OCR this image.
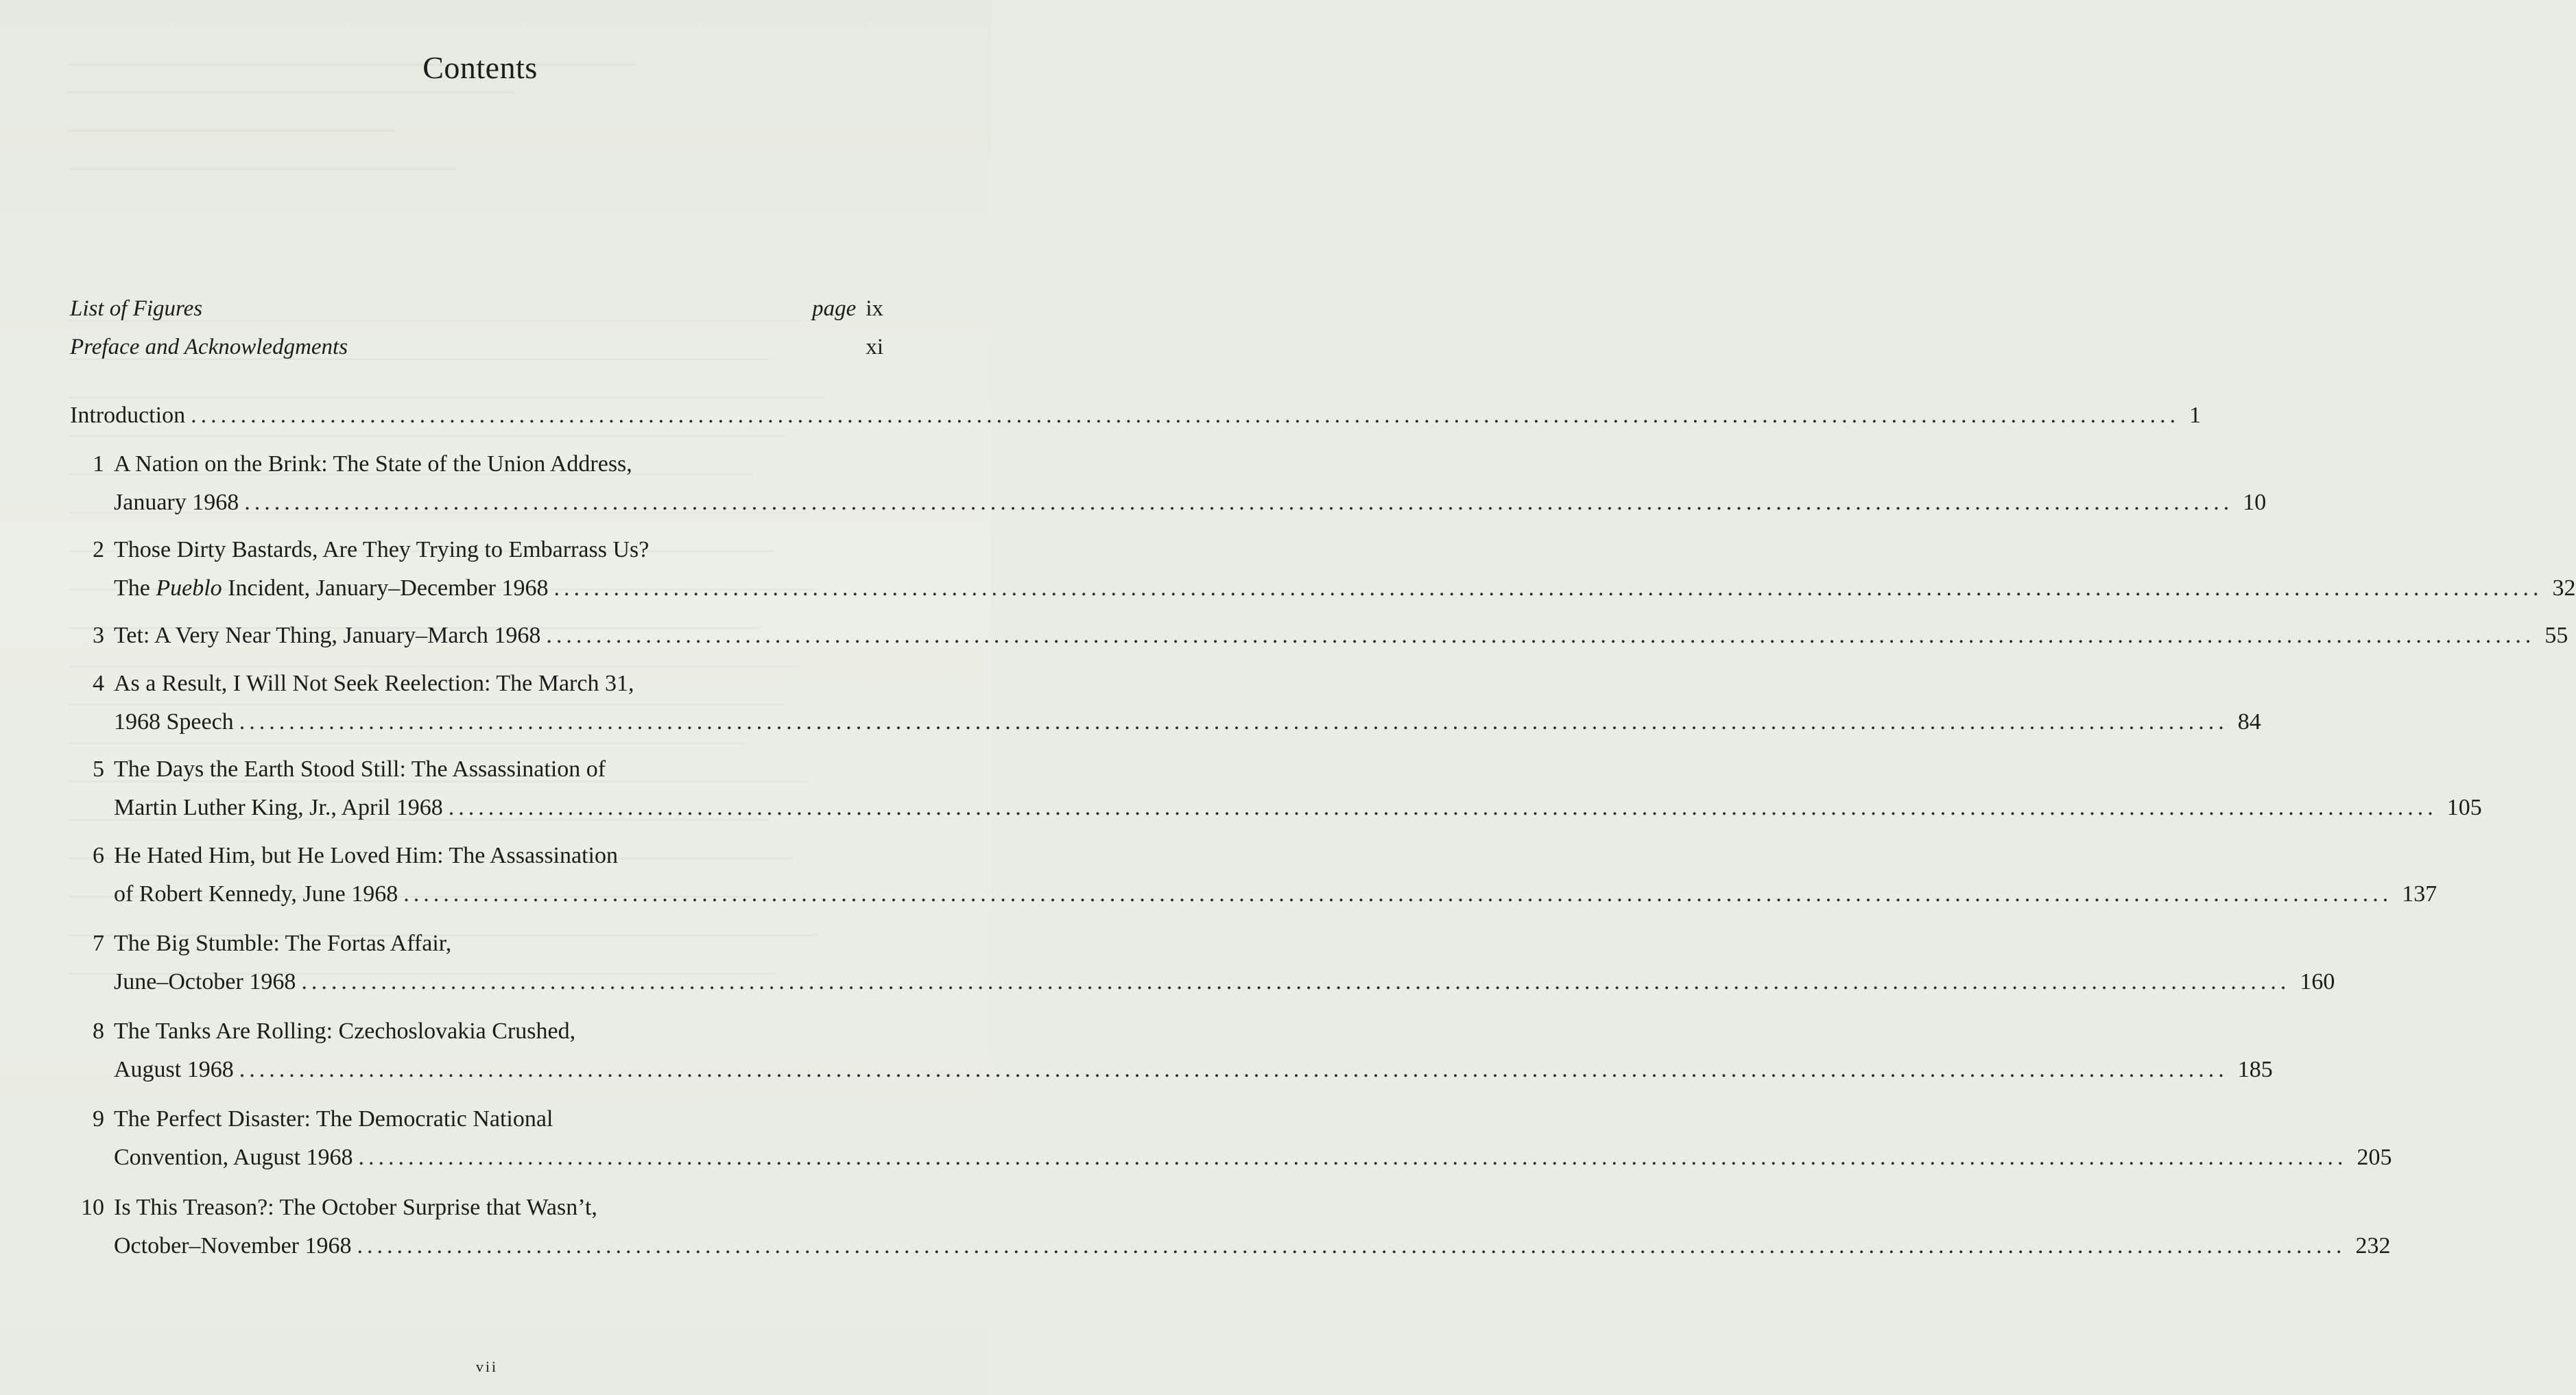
Contents
List of Figures	page ix
Preface and Acknowledgments	xi
Introduction ........................................................................................................................................................................................................ 1
1 A Nation on the Brink: The State of the Union Address,
January 1968 ........................................................................................................................................................................................................ 10
2 Those Dirty Bastards, Are They Trying to Embarrass Us?
The Pueblo Incident, January–December 1968 ........................................................................................................................................................................................................ 32
3 Tet: A Very Near Thing, January–March 1968 ........................................................................................................................................................................................................ 55
4 As a Result, I Will Not Seek Reelection: The March 31,
1968 Speech ........................................................................................................................................................................................................ 84
5 The Days the Earth Stood Still: The Assassination of
Martin Luther King, Jr., April 1968 ........................................................................................................................................................................................................ 105
6 He Hated Him, but He Loved Him: The Assassination
of Robert Kennedy, June 1968 ........................................................................................................................................................................................................ 137
7 The Big Stumble: The Fortas Affair,
June–October 1968 ........................................................................................................................................................................................................ 160
8 The Tanks Are Rolling: Czechoslovakia Crushed,
August 1968 ........................................................................................................................................................................................................ 185
9 The Perfect Disaster: The Democratic National
Convention, August 1968 ........................................................................................................................................................................................................ 205
10 Is This Treason?: The October Surprise that Wasn’t,
October–November 1968 ........................................................................................................................................................................................................ 232
vii
